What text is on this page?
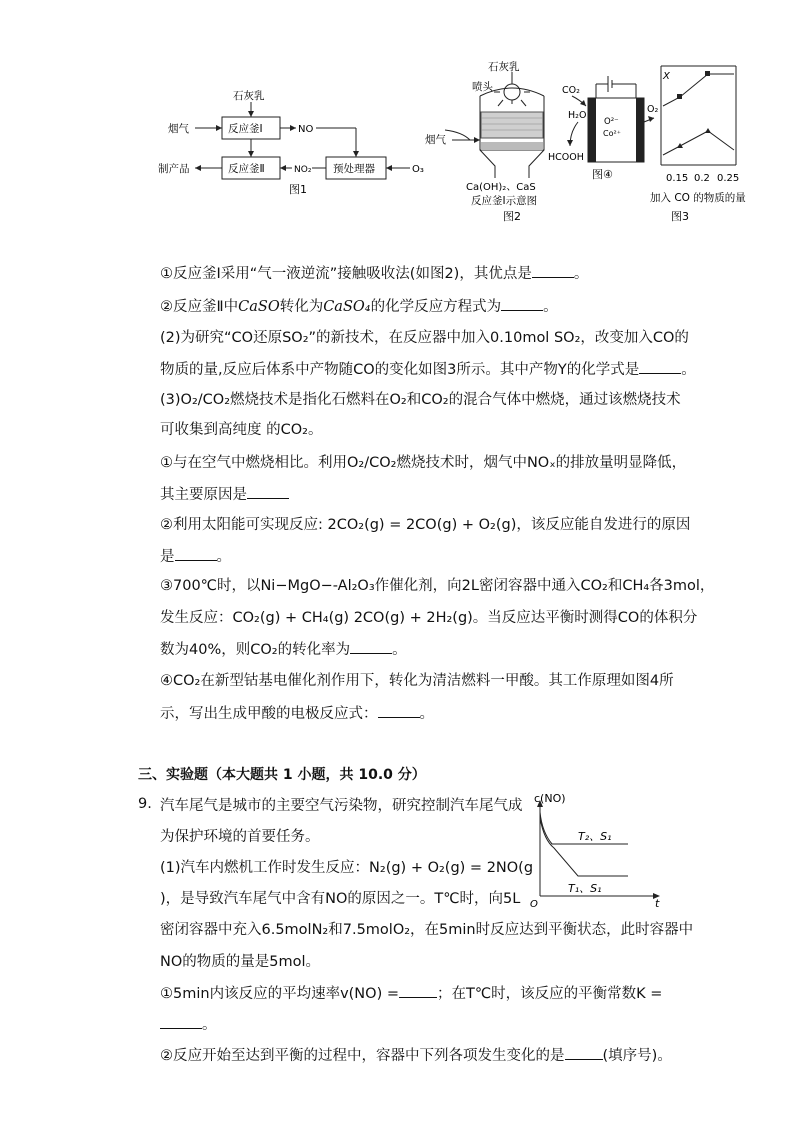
石灰乳
烟气	反应釜Ⅰ	NO
反应釜Ⅱ	NO₂ 预处理器	O₃
制产品
图1
石灰乳
喷头
烟气
Ca(OH)₂、CaS
反应釜Ⅰ示意图
图2
CO₂
H₂O
O²⁻
Co²⁺
O₂
HCOOH
图④
X
0.15 0.2 0.25
加入 CO 的物质的量
图3
①反应釜Ⅰ采用“气一液逆流”接触吸收法(如图2)，其优点是	。
②反应釜Ⅱ中CaSO转化为CaSO₄的化学反应方程式为	。
(2)为研究“CO还原SO₂”的新技术，在反应器中加入0.10mol SO₂，改变加入CO的
物质的量,反应后体系中产物随CO的变化如图3所示。其中产物Y的化学式是	。
(3)O₂/CO₂燃烧技术是指化石燃料在O₂和CO₂的混合气体中燃烧，通过该燃烧技术
可收集到高纯度 的CO₂。
①与在空气中燃烧相比。利用O₂/CO₂燃烧技术时，烟气中NOₓ的排放量明显降低，
其主要原因是
②利用太阳能可实现反应: 2CO₂(g) = 2CO(g) + O₂(g)，该反应能自发进行的原因
是	。
③700℃时，以Ni−MgO−-Al₂O₃作催化剂，向2L密闭容器中通入CO₂和CH₄各3mol，
发生反应：CO₂(g) + CH₄(g) 2CO(g) + 2H₂(g)。当反应达平衡时测得CO的体积分
数为40%，则CO₂的转化率为	。
④CO₂在新型钴基电催化剂作用下，转化为清洁燃料一甲酸。其工作原理如图4所
示，写出生成甲酸的电极反应式：	。
三、实验题（本大题共 1 小题，共 10.0 分）
9. 汽车尾气是城市的主要空气污染物，研究控制汽车尾气成
为保护环境的首要任务。
(1)汽车内燃机工作时发生反应：N₂(g) + O₂(g) = 2NO(g
)，是导致汽车尾气中含有NO的原因之一。T℃时，向5L
密闭容器中充入6.5molN₂和7.5molO₂，在5min时反应达到平衡状态，此时容器中
NO的物质的量是5mol。
①5min内该反应的平均速率v(NO) =	；在T℃时，该反应的平衡常数K =
。
②反应开始至达到平衡的过程中，容器中下列各项发生变化的是	(填序号)。
c(NO)
T₂、S₁
T₁、S₁
O	t
